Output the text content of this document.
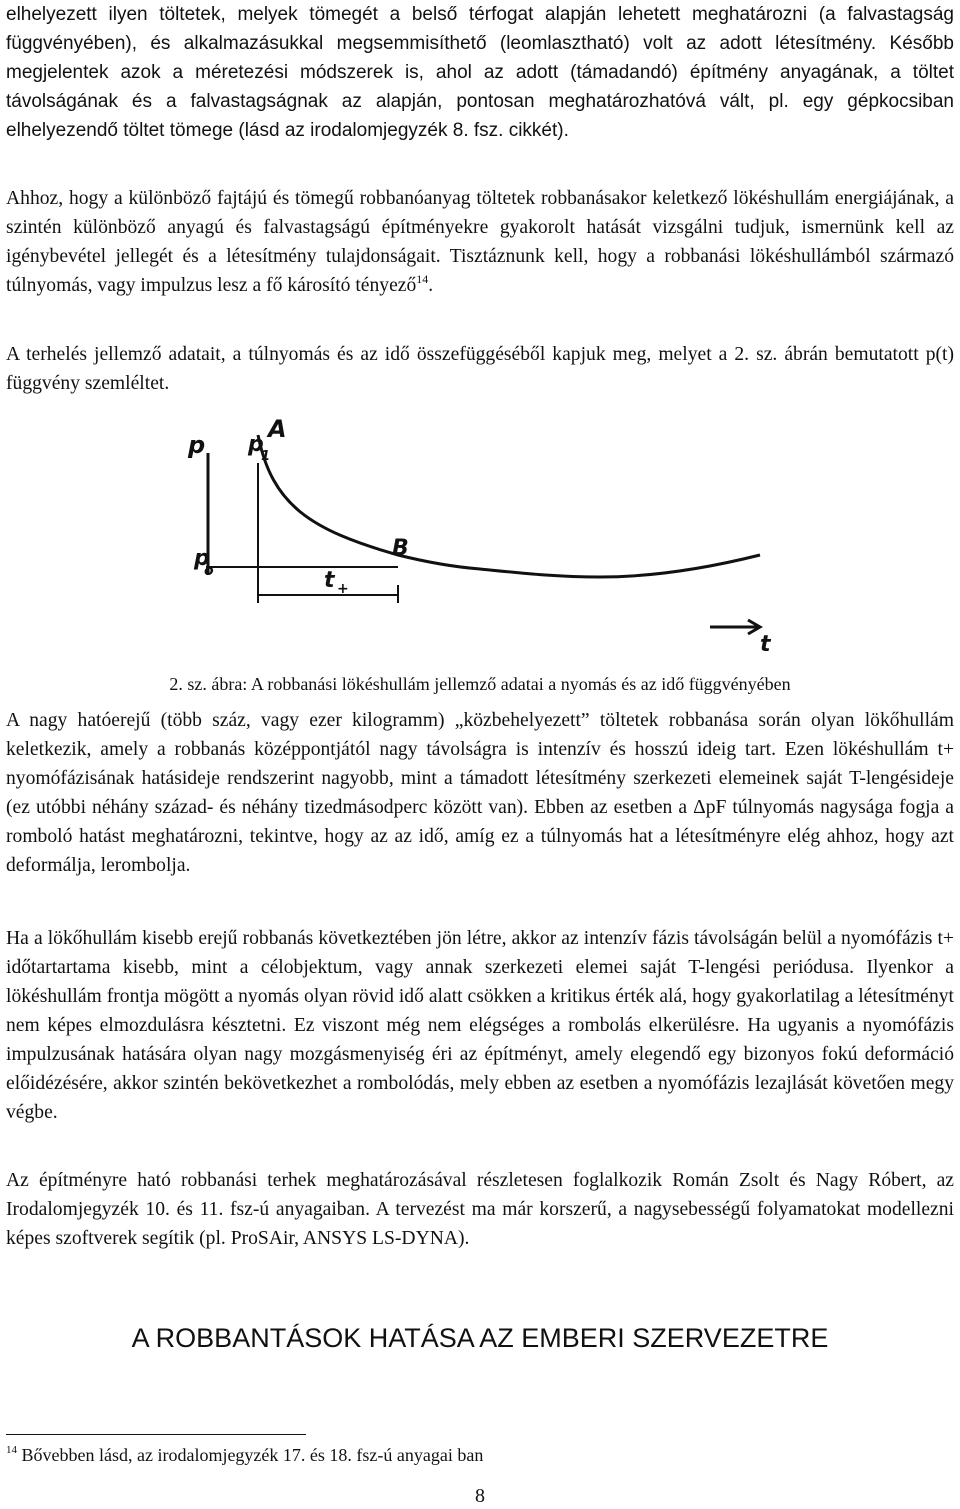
elhelyezett ilyen töltetek, melyek tömegét a belső térfogat alapján lehetett meghatározni (a falvastagság függvényében), és alkalmazásukkal megsemmisíthető (leomlasztható) volt az adott létesítmény. Később megjelentek azok a méretezési módszerek is, ahol az adott (támadandó) építmény anyagának, a töltet távolságának és a falvastagságnak az alapján, pontosan meghatározhatóvá vált, pl. egy gépkocsiban elhelyezendő töltet tömege (lásd az irodalomjegyzék 8. fsz. cikkét).

Ahhoz, hogy a különböző fajtájú és tömegű robbanóanyag töltetek robbanásakor keletkező lökéshullám energiájának, a szintén különböző anyagú és falvastagságú építményekre gyakorolt hatását vizsgálni tudjuk, ismernünk kell az igénybevétel jellegét és a létesítmény tulajdonságait. Tisztáznunk kell, hogy a robbanási lökéshullámból származó túlnyomás, vagy impulzus lesz a fő károsító tényező$^{14}$.

A terhelés jellemző adatait, a túlnyomás és az idő összefüggéséből kapjuk meg, melyet a 2. sz. ábrán bemutatott p(t) függvény szemléltet.

p p
1
A
p
o
B
t +
t
2. sz. ábra: A robbanási lökéshullám jellemző adatai a nyomás és az idő függvényében

A nagy hatóerejű (több száz, vagy ezer kilogramm) „közbehelyezett” töltetek robbanása során olyan lökőhullám keletkezik, amely a robbanás középpontjától nagy távolságra is intenzív és hosszú ideig tart. Ezen lökéshullám t+ nyomófázisának hatásideje rendszerint nagyobb, mint a támadott létesítmény szerkezeti elemeinek saját T-lengésideje (ez utóbbi néhány század- és néhány tizedmásodperc között van). Ebben az esetben a ΔpF túlnyomás nagysága fogja a romboló hatást meghatározni, tekintve, hogy az az idő, amíg ez a túlnyomás hat a létesítményre elég ahhoz, hogy azt deformálja, lerombolja.

Ha a lökőhullám kisebb erejű robbanás következtében jön létre, akkor az intenzív fázis távolságán belül a nyomófázis t+ időtartartama kisebb, mint a célobjektum, vagy annak szerkezeti elemei saját T-lengési periódusa. Ilyenkor a lökéshullám frontja mögött a nyomás olyan rövid idő alatt csökken a kritikus érték alá, hogy gyakorlatilag a létesítményt nem képes elmozdulásra késztetni. Ez viszont még nem elégséges a rombolás elkerülésre. Ha ugyanis a nyomófázis impulzusának hatására olyan nagy mozgásmenyiség éri az építményt, amely elegendő egy bizonyos fokú deformáció előidézésére, akkor szintén bekövetkezhet a rombolódás, mely ebben az esetben a nyomófázis lezajlását követően megy végbe.

Az építményre ható robbanási terhek meghatározásával részletesen foglalkozik Román Zsolt és Nagy Róbert, az Irodalomjegyzék 10. és 11. fsz-ú anyagaiban. A tervezést ma már korszerű, a nagysebességű folyamatokat modellezni képes szoftverek segítik (pl. ProSAir, ANSYS LS-DYNA).

A ROBBANTÁSOK HATÁSA AZ EMBERI SZERVEZETRE
$^{14}$ Bővebben lásd, az irodalomjegyzék 17. és 18. fsz-ú anyagai ban
8
